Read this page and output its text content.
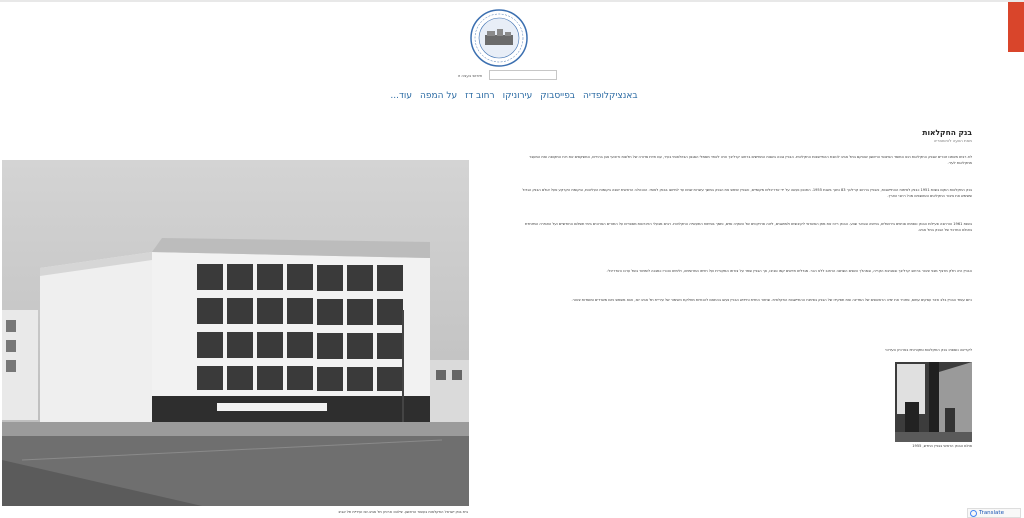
חיפוש בעצה זו
באנציקלופדיה
בפייסבוק
עירוניקו
רחוב דז
על המפה
עוד...
בנק החקלאות
מאת הוועה להיסטוריה

לא רבים מאתנו זוכרים שבנק החקלאות הוא המוסד הפיננסי הראשון שהוקם בתל אביב לטובת ההתיישבות החקלאית. הבניין נבנה בשנות החמישים ברחוב קרליבך והיה לאחד מסמלי הסגנון הבינלאומי בעיר, עם חזית סדורה של חלונות וריבועי אבן בהירים, המשקפים את רוח התקופה ואת המעבר מחקלאות לעיר.

בנק החקלאות הוקם בשנת 1951 כבנק לפיתוח ההתיישבות, והבניין ברחוב קרליבך 83 נחנך בשנת 1955. התכנון נעשה על ידי אדריכלים מקומיים, והבניין שימש את הבנק במשך עשרות שנים עד למיזוגו בבנק לאומי. ההנהלה הראשית ישבה בקומות העליונות, ובקומת הקרקע פעל אולם הבנק הגדול ששימש את ציבור החקלאים והמושבים מכל רחבי הארץ.

בשנת 1961 הורחבה פעילות הבנק ונפתחו סניפים בירושלים, בחיפה ובבאר שבע. הבנק ריכז את מתן האשראי לקיבוצים ולמושבים, ליווה פרויקטים של השקיה ומים, ותמך בפיתוח התעשייה החקלאית. רבים מבעלי הזיכרונות מספרים על התורים הארוכים בימי תשלום החודשיים ועל האווירה המיוחדת באולם המרכזי של הבנק בתל אביב.

הבניין היה חלק מרצף מבני ציבור ברחוב קרליבך ובסביבת הקריה, ובמהלך השנים השתנה הרחוב ללא הכר. מגדלים חדשים קמו סביבו, אך הבניין שמר על צורתו המקורית ועל חזיתו המרשימה, ולימים הוכרז כמבנה לשימור בשל ערכו האדריכלי.

כיום עומד הבניין בלב אזור עסקים עמוס, ומזכיר את ימיה הראשונים של המדינה ואת תפקידו של הבנק בפיתוח ההתיישבות החקלאית. שחזור החזית וחידוש הבניין נעשו בהתאם להנחיות מחלקת השימור של עיריית תל אביב יפו, והוא משמש כיום משרדים ומוסדות ציבור.

לקריאה נוספת: בנק החקלאות ומקורותיו בארכיון העירוני

בית בנק ישראל החקלאות בעשור הראשון. צילום: ארכיון תל אביב-יפו ועיריית תל אביב
אולם הבנק הראשי בבניין החדש, 1955
Translate
